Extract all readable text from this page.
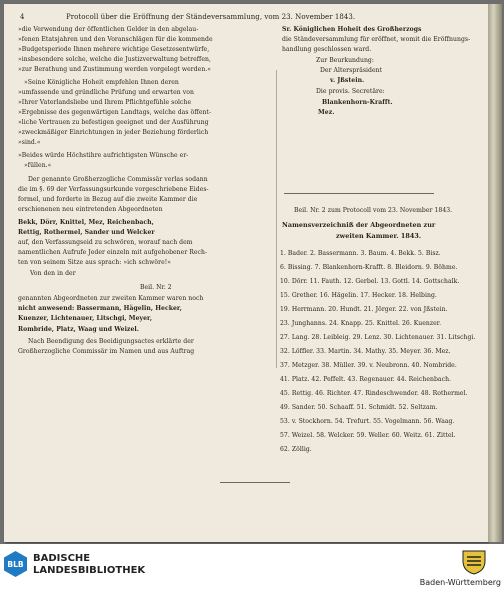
4	Protocoll über die Eröffnung der Ständeversammlung, vom 23. November 1843.
Beil. Nr. 2 zum Protocoll vom 23. November 1843.
Namensverzeichniß der Abgeordneten zur
zweiten Kammer. 1843.
BLB
BADISCHE
LANDESBIBLIOTHEK
Baden-Württemberg
»die Verwendung der öffentlichen Gelder in den abgelau-
»fenen Etatsjahren und den Voranschlägen für die kommende
»Budgetsperiode Ihnen mehrere wichtige Gesetzesentwürfe,
»insbesondere solche, welche die Justizverwaltung betreffen,
»zur Berathung und Zustimmung werden vorgelegt werden.«
»Seine Königliche Hoheit empfehlen Ihnen deren
»umfassende und gründliche Prüfung und erwarten von
»Ihrer Vaterlandsliebe und Ihrem Pflichtgefühle solche
»Ergebnisse des gegenwärtigen Landtags, welche das öffent-
»liche Vertrauen zu befestigen geeignet und der Ausführung
»zweckmäßiger Einrichtungen in jeder Beziehung förderlich
»sind.«
»Beides würde Höchstihre aufrichtigsten Wünsche er-
»füllen.«
Der genannte Großherzogliche Commissär verlas sodann
die im §. 69 der Verfassungsurkunde vorgeschriebene Eides-
formel, und forderte in Bezug auf die zweite Kammer die
erschienenen neu eintretenden Abgeordneten
Bekk, Dörr, Knittel, Mez, Reichenbach,
Rettig, Rothermel, Sander und Welcker
auf, den Verfassungseid zu schwören, worauf nach dem
namentlichen Aufrufe Jeder einzeln mit aufgehobener Rech-
ten von seinem Sitze aus sprach: »ich schwöre!«
Von den in der
Beil. Nr. 2
genannten Abgeordneten zur zweiten Kammer waren noch
nicht anwesend: Bassermann, Hägelin, Hecker,
Kuenzer, Lichtenauer, Litschgi, Meyer,
Rombride, Platz, Waag und Weizel.
Nach Beendigung des Beeidigungsactes erklärte der
Großherzogliche Commissär im Namen und aus Auftrag
Sr. Königlichen Hoheit des Großherzogs
die Ständeversammlung für eröffnet, womit die Eröffnungs-
handlung geschlossen ward.
Zur Beurkundung:
Der Alterspräsident
v. Jßstein.
Die provis. Secretäre:
Blankenhorn-Krafft.
Mez.
1. Bader. 2. Bassermann. 3. Baum. 4. Bekk. 5. Bisz.
6. Bissing. 7. Blankenhorn-Krafft. 8. Bleidorn. 9. Böhme.
10. Dörr. 11. Fauth. 12. Gerbel. 13. Gottl. 14. Gottschalk.
15. Grether. 16. Hägelin. 17. Hecker. 18. Helbing.
19. Herrmann. 20. Hundt. 21. Jörger. 22. von Jßstein.
23. Junghanns. 24. Knapp. 25. Knittel. 26. Kuenzer.
27. Lang. 28. Leibleig. 29. Lenz. 30. Lichtenauer. 31. Litschgi.
32. Löffler. 33. Martin. 34. Mathy. 35. Meyer. 36. Mez.
37. Metzger. 38. Müller. 39. v. Neubronn. 40. Nombride.
41. Platz. 42. Peffelt. 43. Regenauer. 44. Reichenbach.
45. Rettig. 46. Richter. 47. Rindeschwender. 48. Rothermel.
49. Sander. 50. Schaaff. 51. Schmidt. 52. Seltzam.
53. v. Stockhorn. 54. Trefurt. 55. Vogelmann. 56. Waag.
57. Weizel. 58. Welcker. 59. Weller. 60. Weitz. 61. Zittel.
62. Zöllig.
